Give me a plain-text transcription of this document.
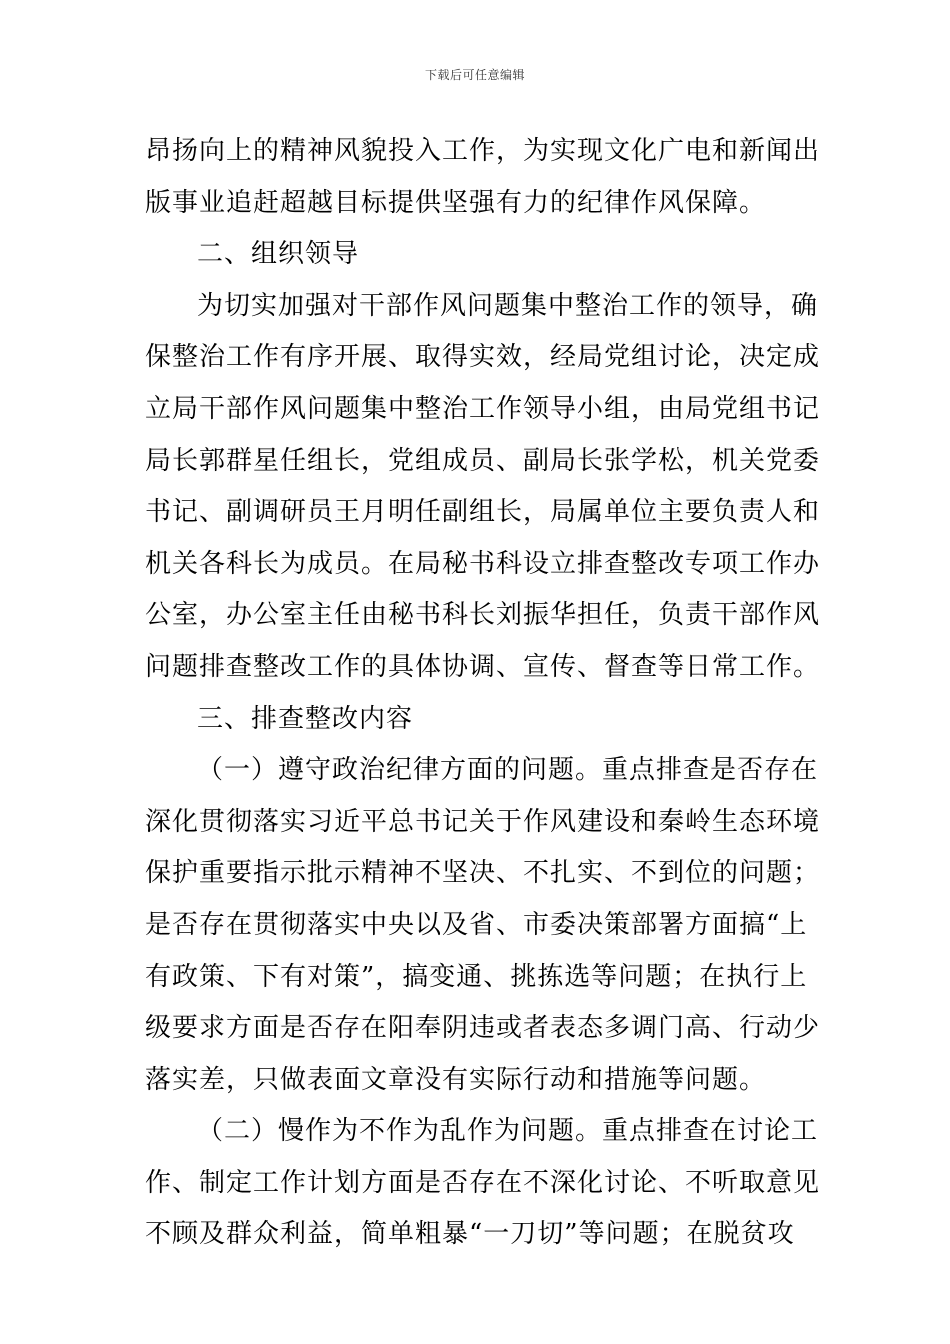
下载后可任意编辑
昂扬向上的精神风貌投入工作，为实现文化广电和新闻出
版事业追赶超越目标提供坚强有力的纪律作风保障。
二、组织领导
为切实加强对干部作风问题集中整治工作的领导，确
保整治工作有序开展、取得实效，经局党组讨论，决定成
立局干部作风问题集中整治工作领导小组，由局党组书记
局长郭群星任组长，党组成员、副局长张学松，机关党委
书记、副调研员王月明任副组长，局属单位主要负责人和
机关各科长为成员。在局秘书科设立排查整改专项工作办
公室，办公室主任由秘书科长刘振华担任，负责干部作风
问题排查整改工作的具体协调、宣传、督查等日常工作。
三、排查整改内容
（一）遵守政治纪律方面的问题。重点排查是否存在
深化贯彻落实习近平总书记关于作风建设和秦岭生态环境
保护重要指示批示精神不坚决、不扎实、不到位的问题；
是否存在贯彻落实中央以及省、市委决策部署方面搞“上
有政策、下有对策”，搞变通、挑拣选等问题；在执行上
级要求方面是否存在阳奉阴违或者表态多调门高、行动少
落实差，只做表面文章没有实际行动和措施等问题。
（二）慢作为不作为乱作为问题。重点排查在讨论工
作、制定工作计划方面是否存在不深化讨论、不听取意见
不顾及群众利益，简单粗暴“一刀切”等问题；在脱贫攻
